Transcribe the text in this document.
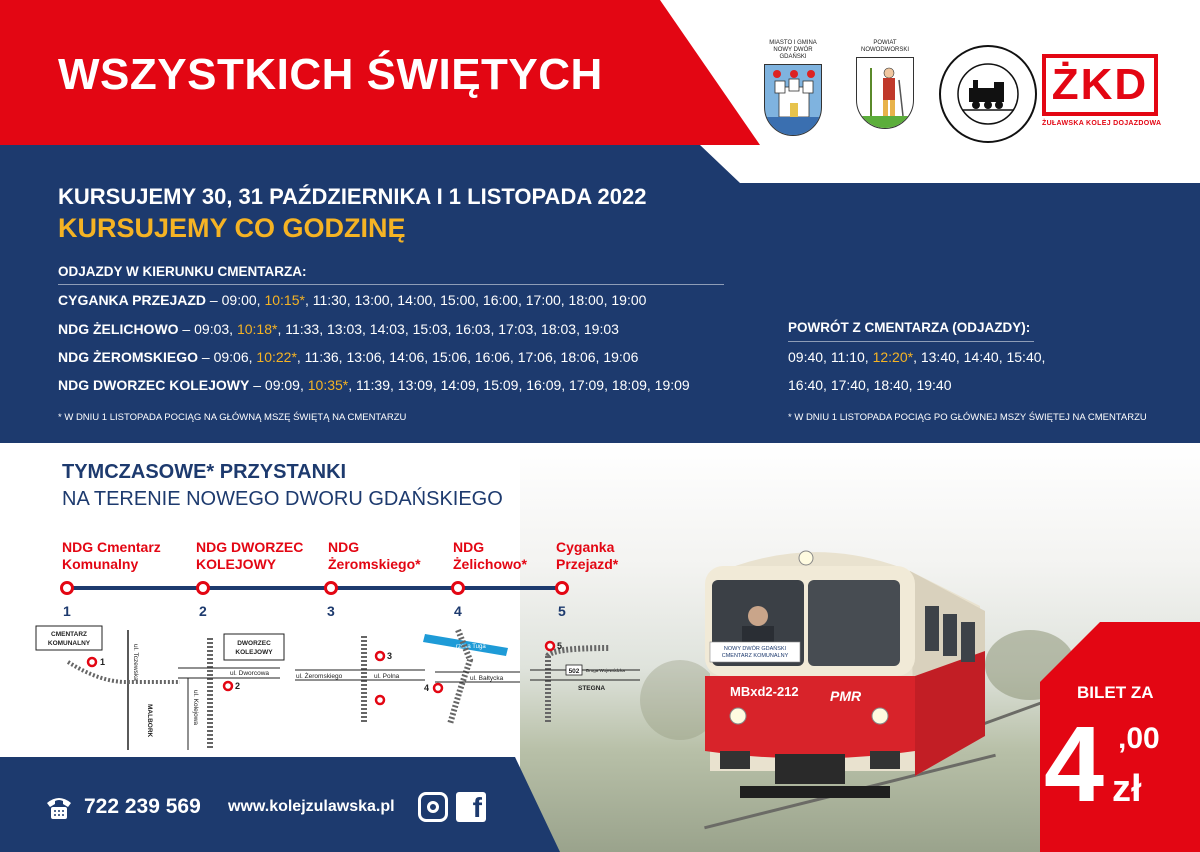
WSZYSTKICH ŚWIĘTYCH
MIASTO I GMINA NOWY DWÓR GDAŃSKI
POWIAT NOWODWORSKI
ŻKD
ŻUŁAWSKA KOLEJ DOJAZDOWA
KURSUJEMY 30, 31 PAŹDZIERNIKA I 1 LISTOPADA 2022
KURSUJEMY CO GODZINĘ
ODJAZDY W KIERUNKU CMENTARZA:
CYGANKA PRZEJAZD – 09:00, 10:15*, 11:30, 13:00, 14:00, 15:00, 16:00, 17:00, 18:00, 19:00
NDG ŻELICHOWO – 09:03, 10:18*, 11:33, 13:03, 14:03, 15:03, 16:03, 17:03, 18:03, 19:03
NDG ŻEROMSKIEGO – 09:06, 10:22*, 11:36, 13:06, 14:06, 15:06, 16:06, 17:06, 18:06, 19:06
NDG DWORZEC KOLEJOWY – 09:09, 10:35*, 11:39, 13:09, 14:09, 15:09, 16:09, 17:09, 18:09, 19:09
* W DNIU 1 LISTOPADA POCIĄG NA GŁÓWNĄ MSZĘ ŚWIĘTĄ NA CMENTARZU
POWRÓT Z CMENTARZA (ODJAZDY):
09:40, 11:10, 12:20*, 13:40, 14:40, 15:40,
16:40, 17:40, 18:40, 19:40
* W DNIU 1 LISTOPADA POCIĄG PO GŁÓWNEJ MSZY ŚWIĘTEJ NA CMENTARZU
NOWY DWÓR GDAŃSKI
CMENTARZ KOMUNALNY
MBxd2-212 PMR
TYMCZASOWE* PRZYSTANKI
NA TERENIE NOWEGO DWORU GDAŃSKIEGO
NDG Cmentarz
Komunalny
NDG DWORZEC
KOLEJOWY
NDG
Żeromskiego*
NDG
Żelichowo*
Cyganka
Przejazd*
1	2	3	4	5
CMENTARZ
KOMUNALNY
1	ul. Tczewska
MALBORK
DWORZEC
KOLEJOWY
ul. Dworcowa
ul. Kolejowa
2
ul. Żeromskiego	ul. Polna
3
rzeka Tuga
ul. Bałtycka
4
5
502 Droga Wojewódzka
STEGNA
722 239 569 www.kolejzulawska.pl	f
BILET ZA
4 ,00
zł
